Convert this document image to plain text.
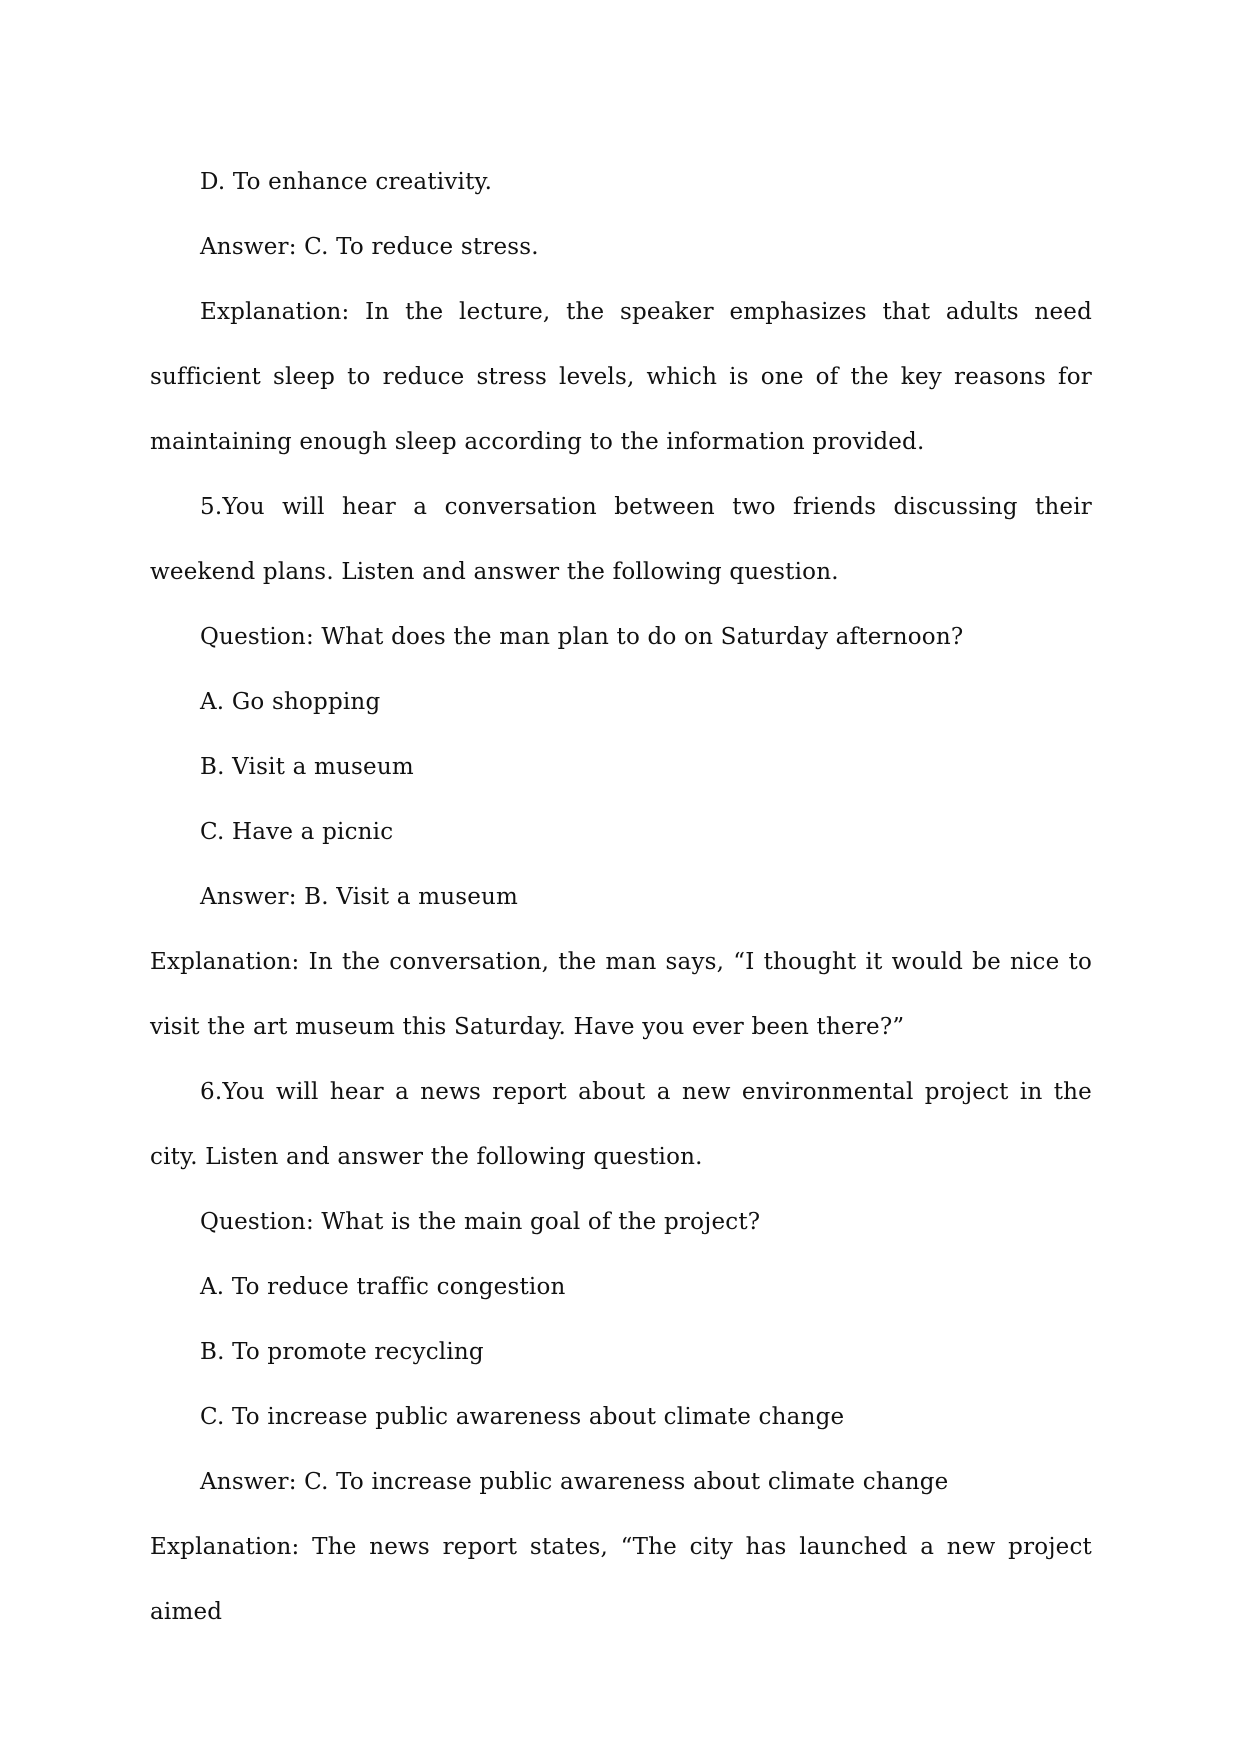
D. To enhance creativity.

Answer: C. To reduce stress.

Explanation: In the lecture, the speaker emphasizes that adults need sufficient sleep to reduce stress levels, which is one of the key reasons for maintaining enough sleep according to the information provided.

5.You will hear a conversation between two friends discussing their weekend plans. Listen and answer the following question.

Question: What does the man plan to do on Saturday afternoon?

A. Go shopping

B. Visit a museum

C. Have a picnic

Answer: B. Visit a museum

Explanation: In the conversation, the man says, “I thought it would be nice to visit the art museum this Saturday. Have you ever been there?”

6.You will hear a news report about a new environmental project in the city. Listen and answer the following question.

Question: What is the main goal of the project?

A. To reduce traffic congestion

B. To promote recycling

C. To increase public awareness about climate change

Answer: C. To increase public awareness about climate change

Explanation: The news report states, “The city has launched a new project aimed
